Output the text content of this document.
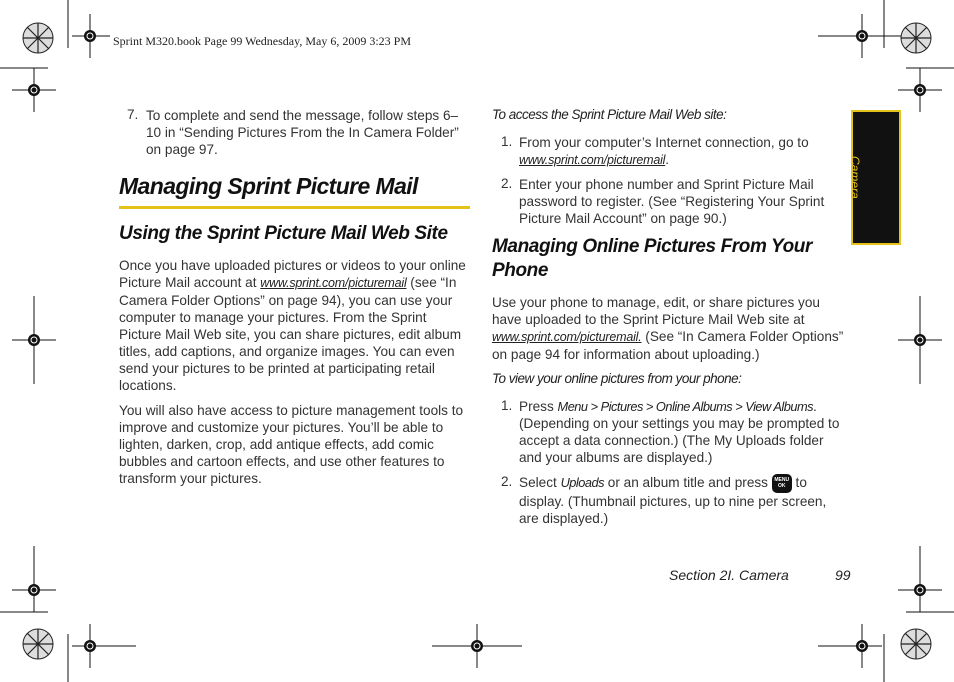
Sprint M320.book Page 99 Wednesday, May 6, 2009 3:23 PM
7. To complete and send the message, follow steps 6–10 in “Sending Pictures From the In Camera Folder” on page 97.

Managing Sprint Picture Mail
Using the Sprint Picture Mail Web Site

Once you have uploaded pictures or videos to your online Picture Mail account at www.sprint.com/picturemail (see “In Camera Folder Options” on page 94), you can use your computer to manage your pictures. From the Sprint Picture Mail Web site, you can share pictures, edit album titles, add captions, and organize images. You can even send your pictures to be printed at participating retail locations.

You will also have access to picture management tools to improve and customize your pictures. You’ll be able to lighten, darken, crop, add antique effects, add comic bubbles and cartoon effects, and use other features to transform your pictures.

To access the Sprint Picture Mail Web site:
1. From your computer’s Internet connection, go to www.sprint.com/picturemail.

2. Enter your phone number and Sprint Picture Mail password to register. (See “Registering Your Sprint Picture Mail Account” on page 90.)

Managing Online Pictures From Your Phone

Use your phone to manage, edit, or share pictures you have uploaded to the Sprint Picture Mail Web site at www.sprint.com/picturemail. (See “In Camera Folder Options” on page 94 for information about uploading.)

To view your online pictures from your phone:
1. Press Menu > Pictures > Online Albums > View Albums. (Depending on your settings you may be prompted to accept a data connection.) (The My Uploads folder and your albums are displayed.)

2. Select Uploads or an album title and press MENU
OK to display. (Thumbnail pictures, up to nine per screen, are displayed.)

Camera
Section 2I. Camera	99
